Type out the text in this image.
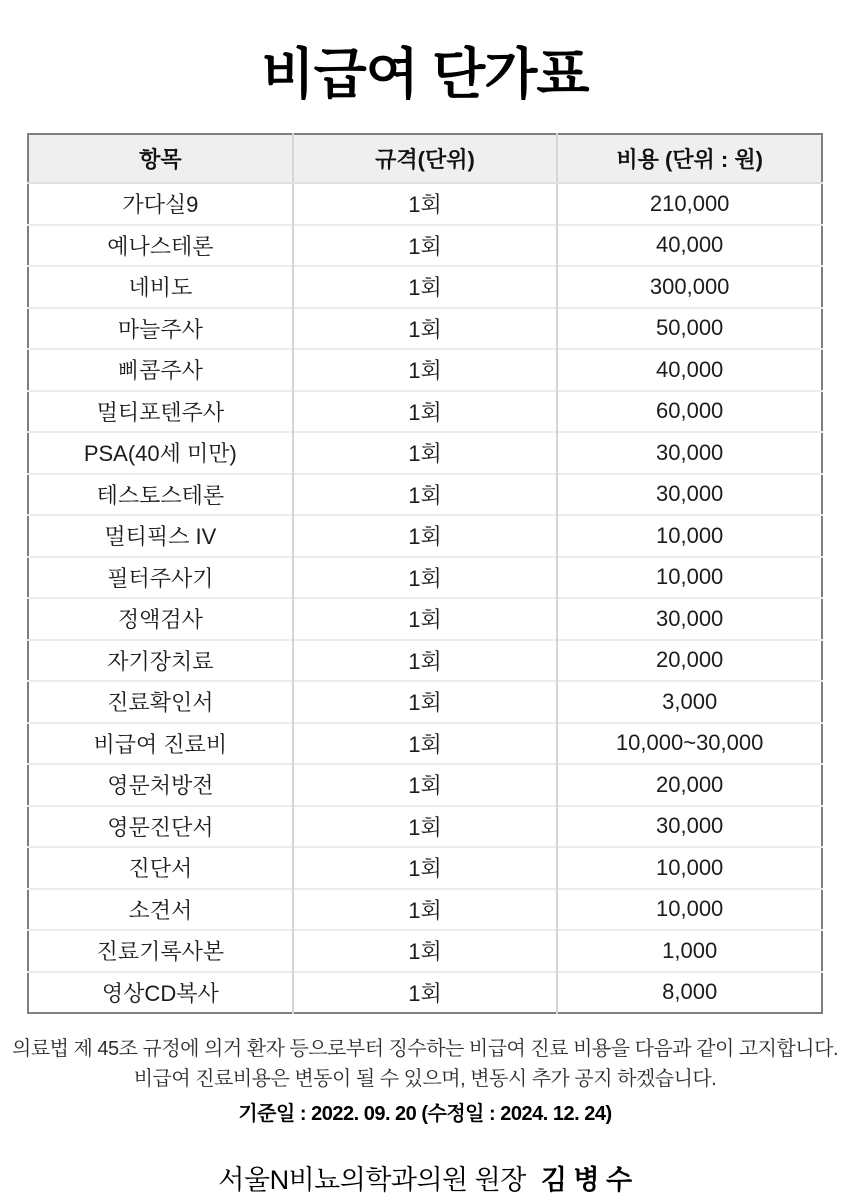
비급여 단가표
항목	규격(단위)	비용 (단위 : 원)
가다실9	1회	210,000
예나스테론	1회	40,000
네비도	1회	300,000
마늘주사	1회	50,000
삐콤주사	1회	40,000
멀티포텐주사	1회	60,000
PSA(40세 미만)	1회	30,000
테스토스테론	1회	30,000
멀티픽스 IV	1회	10,000
필터주사기	1회	10,000
정액검사	1회	30,000
자기장치료	1회	20,000
진료확인서	1회	3,000
비급여 진료비	1회	10,000~30,000
영문처방전	1회	20,000
영문진단서	1회	30,000
진단서	1회	10,000
소견서	1회	10,000
진료기록사본	1회	1,000
영상CD복사	1회	8,000
의료법 제 45조 규정에 의거 환자 등으로부터 징수하는 비급여 진료 비용을 다음과 같이 고지합니다.
비급여 진료비용은 변동이 될 수 있으며, 변동시 추가 공지 하겠습니다.
기준일 : 2022. 09. 20 (수정일 : 2024. 12. 24)
서울N비뇨의학과의원 원장 김 병 수
